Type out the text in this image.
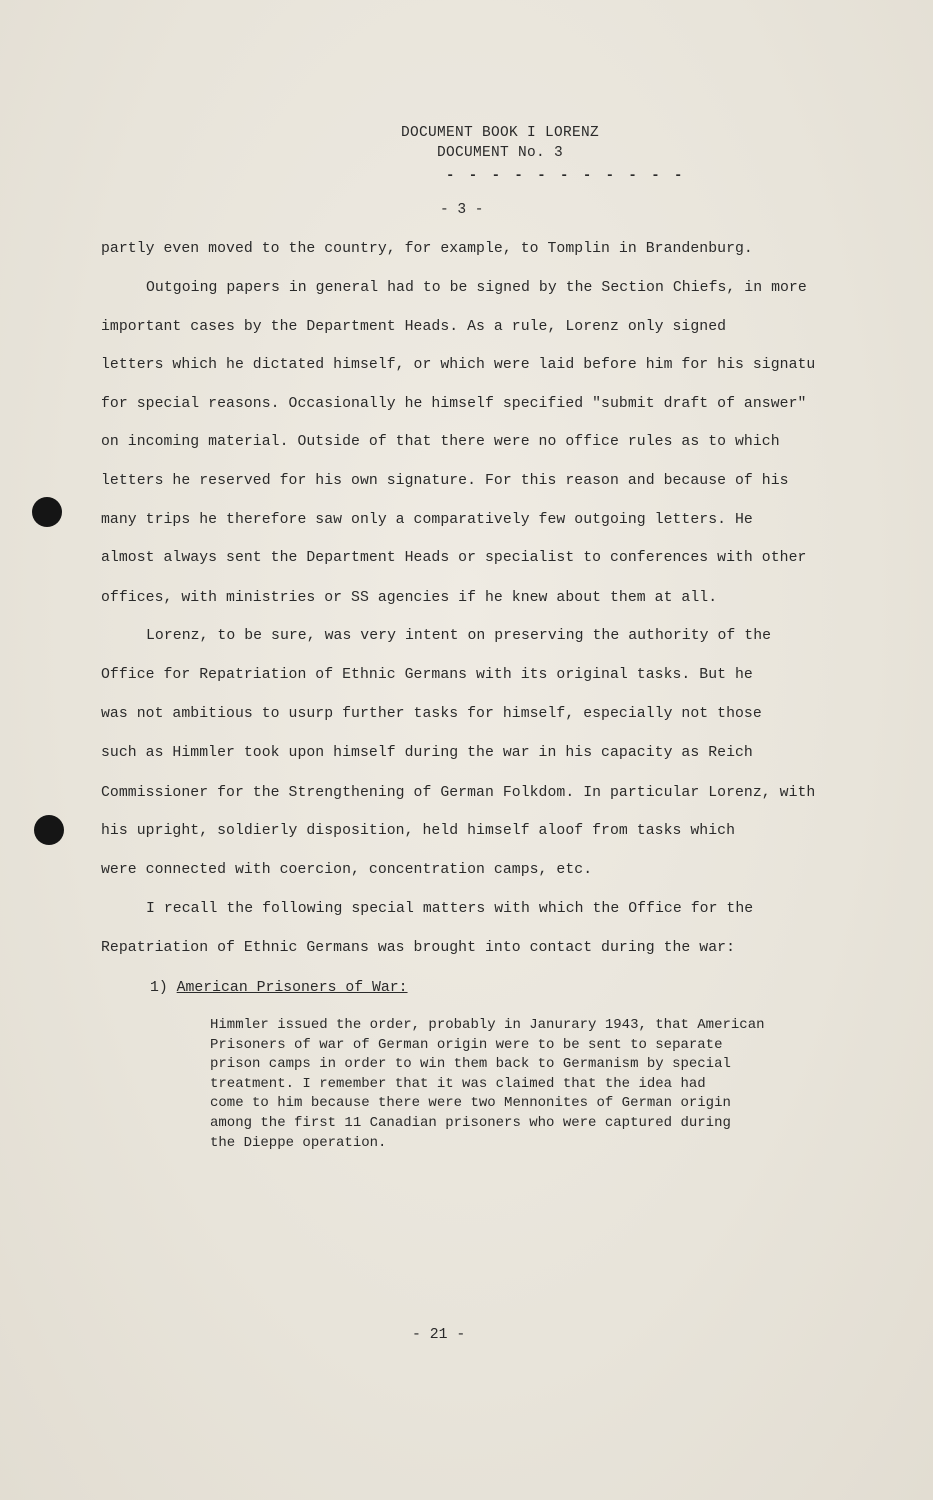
DOCUMENT BOOK I LORENZ
DOCUMENT No. 3
- - - - - - - - - - -
- 3 -
partly even moved to the country, for example, to Tomplin in Brandenburg.
Outgoing papers in general had to be signed by the Section Chiefs, in more
important cases by the Department Heads. As a rule, Lorenz only signed
letters which he dictated himself, or which were laid before him for his signatu
for special reasons. Occasionally he himself specified "submit draft of answer"
on incoming material. Outside of that there were no office rules as to which
letters he reserved for his own signature. For this reason and because of his
many trips he therefore saw only a comparatively few outgoing letters. He
almost always sent the Department Heads or specialist to conferences with other
offices, with ministries or SS agencies if he knew about them at all.
Lorenz, to be sure, was very intent on preserving the authority of the
Office for Repatriation of Ethnic Germans with its original tasks. But he
was not ambitious to usurp further tasks for himself, especially not those
such as Himmler took upon himself during the war in his capacity as Reich
Commissioner for the Strengthening of German Folkdom. In particular Lorenz, with
his upright, soldierly disposition, held himself aloof from tasks which
were connected with coercion, concentration camps, etc.
I recall the following special matters with which the Office for the
Repatriation of Ethnic Germans was brought into contact during the war:
1) American Prisoners of War:
Himmler issued the order, probably in Janurary 1943, that American
Prisoners of war of German origin were to be sent to separate
prison camps in order to win them back to Germanism by special
treatment. I remember that it was claimed that the idea had
come to him because there were two Mennonites of German origin
among the first 11 Canadian prisoners who were captured during
the Dieppe operation.
- 21 -
